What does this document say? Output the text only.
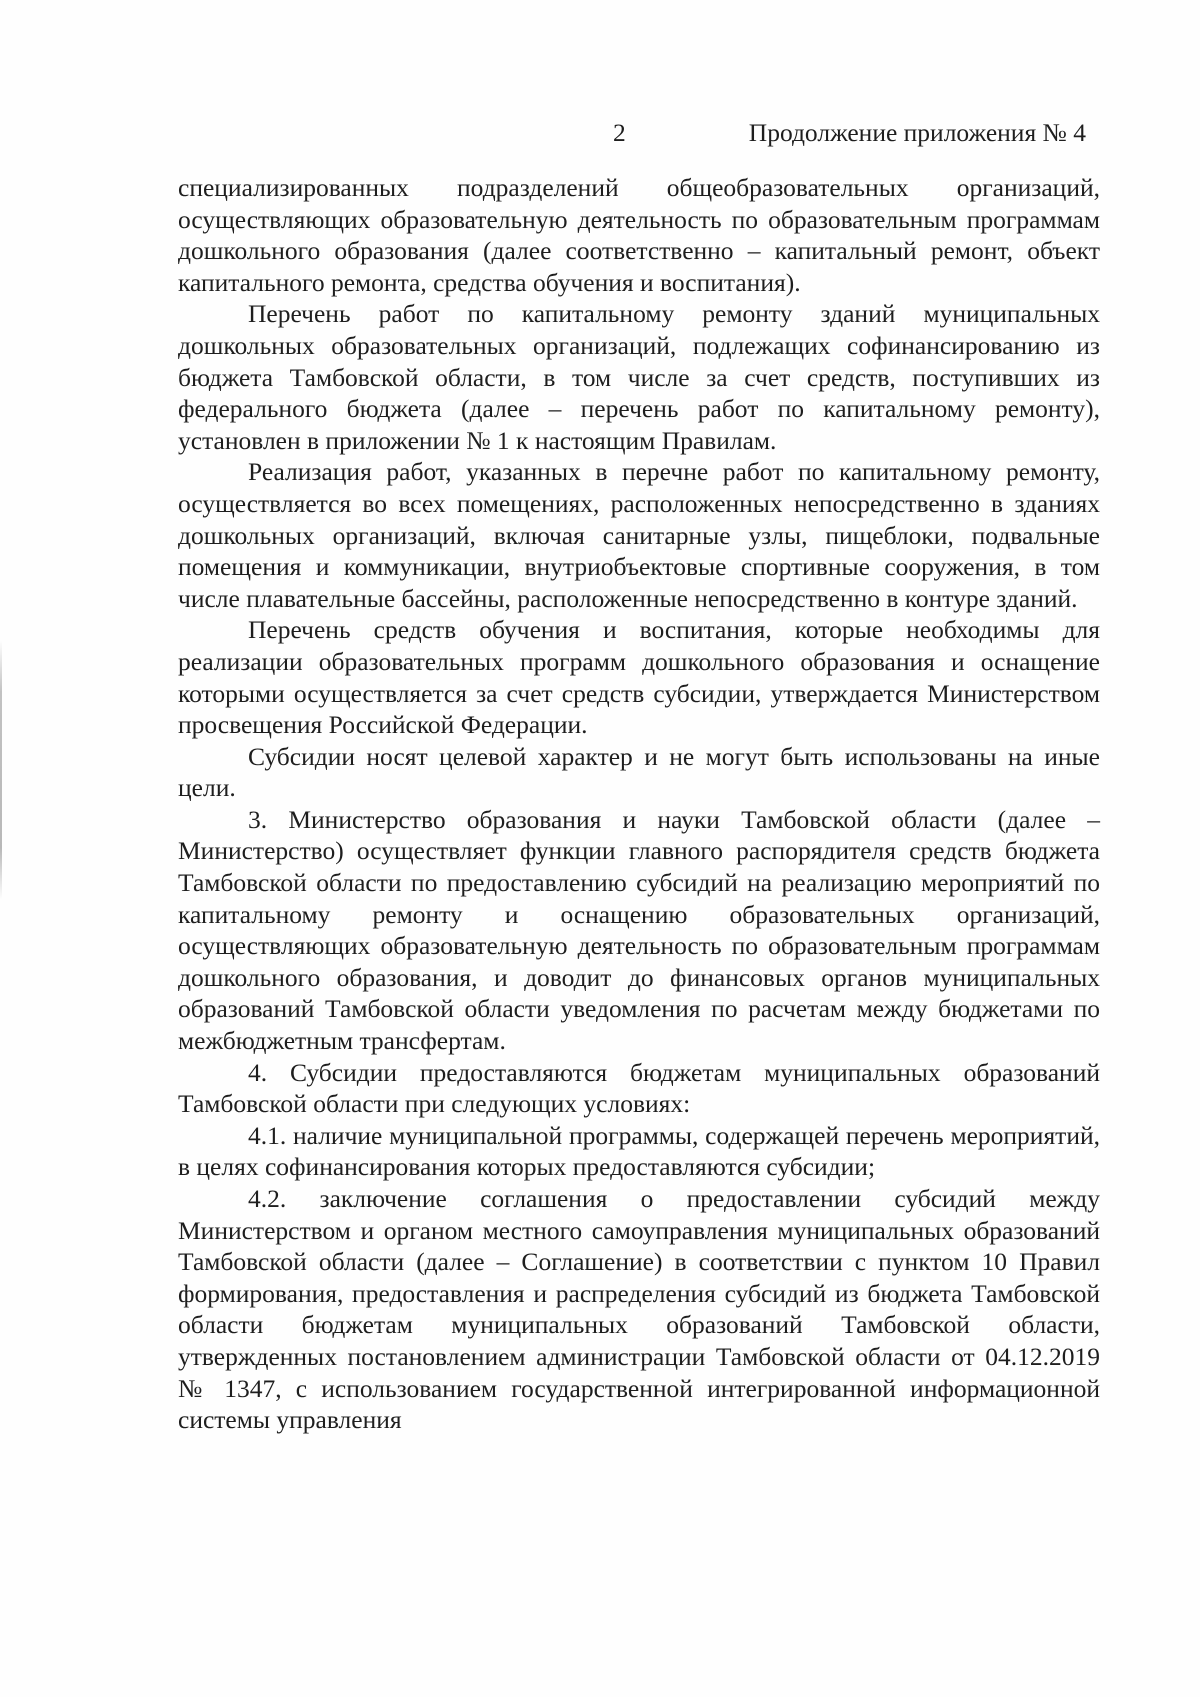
2	Продолжение приложения № 4

специализированных подразделений общеобразовательных организаций, осуществляющих образовательную деятельность по образовательным программам дошкольного образования (далее соответственно – капитальный ремонт, объект капитального ремонта, средства обучения и воспитания).

Перечень работ по капитальному ремонту зданий муниципальных дошкольных образовательных организаций, подлежащих софинансированию из бюджета Тамбовской области, в том числе за счет средств, поступивших из федерального бюджета (далее – перечень работ по капитальному ремонту), установлен в приложении № 1 к настоящим Правилам.

Реализация работ, указанных в перечне работ по капитальному ремонту, осуществляется во всех помещениях, расположенных непосредственно в зданиях дошкольных организаций, включая санитарные узлы, пищеблоки, подвальные помещения и коммуникации, внутриобъектовые спортивные сооружения, в том числе плавательные бассейны, расположенные непосредственно в контуре зданий.

Перечень средств обучения и воспитания, которые необходимы для реализации образовательных программ дошкольного образования и оснащение которыми осуществляется за счет средств субсидии, утверждается Министерством просвещения Российской Федерации.

Субсидии носят целевой характер и не могут быть использованы на иные цели.

3. Министерство образования и науки Тамбовской области (далее – Министерство) осуществляет функции главного распорядителя средств бюджета Тамбовской области по предоставлению субсидий на реализацию мероприятий по капитальному ремонту и оснащению образовательных организаций, осуществляющих образовательную деятельность по образовательным программам дошкольного образования, и доводит до финансовых органов муниципальных образований Тамбовской области уведомления по расчетам между бюджетами по межбюджетным трансфертам.

4. Субсидии предоставляются бюджетам муниципальных образований Тамбовской области при следующих условиях:

4.1. наличие муниципальной программы, содержащей перечень мероприятий, в целях софинансирования которых предоставляются субсидии;

4.2. заключение соглашения о предоставлении субсидий между Министерством и органом местного самоуправления муниципальных образований Тамбовской области (далее – Соглашение) в соответствии с пунктом 10 Правил формирования, предоставления и распределения субсидий из бюджета Тамбовской области бюджетам муниципальных образований Тамбовской области, утвержденных постановлением администрации Тамбовской области от 04.12.2019 № 1347, с использованием государственной интегрированной информационной системы управления
